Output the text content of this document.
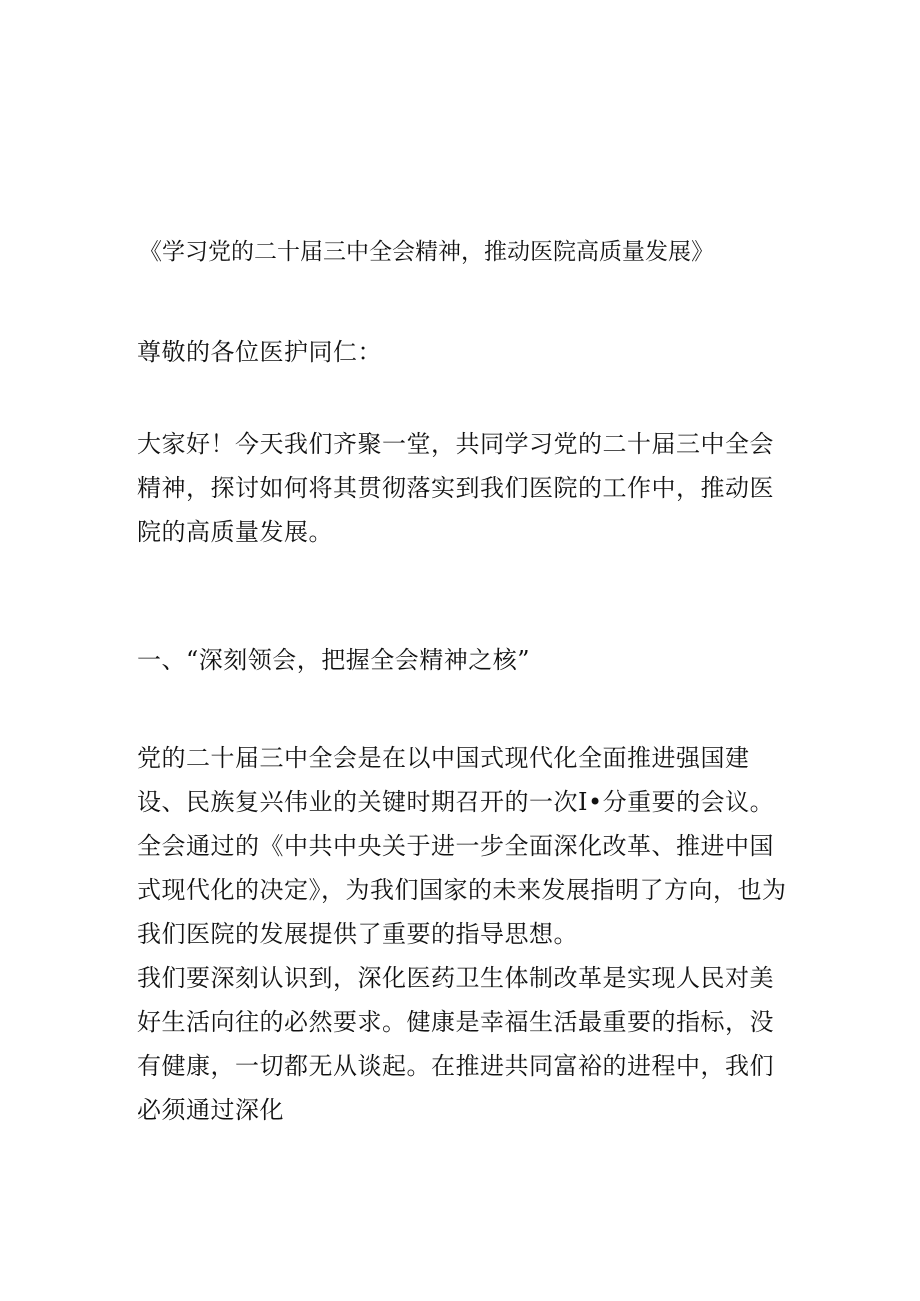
《学习党的二十届三中全会精神，推动医院高质量发展》

尊敬的各位医护同仁：

大家好！今天我们齐聚一堂，共同学习党的二十届三中全会精神，探讨如何将其贯彻落实到我们医院的工作中，推动医院的高质量发展。

一、“深刻领会，把握全会精神之核”

党的二十届三中全会是在以中国式现代化全面推进强国建设、民族复兴伟业的关键时期召开的一次I•分重要的会议。全会通过的《中共中央关于进一步全面深化改革、推进中国式现代化的决定》，为我们国家的未来发展指明了方向，也为我们医院的发展提供了重要的指导思想。

我们要深刻认识到，深化医药卫生体制改革是实现人民对美好生活向往的必然要求。健康是幸福生活最重要的指标，没有健康，一切都无从谈起。在推进共同富裕的进程中，我们必须通过深化
